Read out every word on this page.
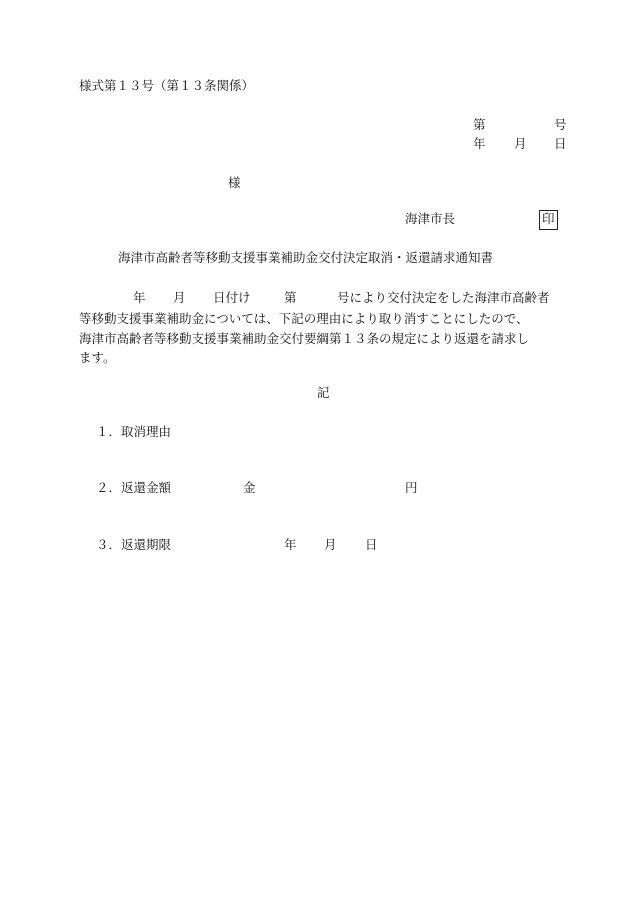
様式第１３号（第１３条関係）
第	号
年 月 日
様
海津市長	印
海津市高齢者等移動支援事業補助金交付決定取消・返還請求通知書
年 月 日付け	第	号により交付決定をした海津市高齢者
等移動支援事業補助金については、下記の理由により取り消すことにしたので、
海津市高齢者等移動支援事業補助金交付要綱第１３条の規定により返還を請求し
ます。
記
１． 取消理由
２． 返還金額	金	円
３． 返還期限	年 月 日
